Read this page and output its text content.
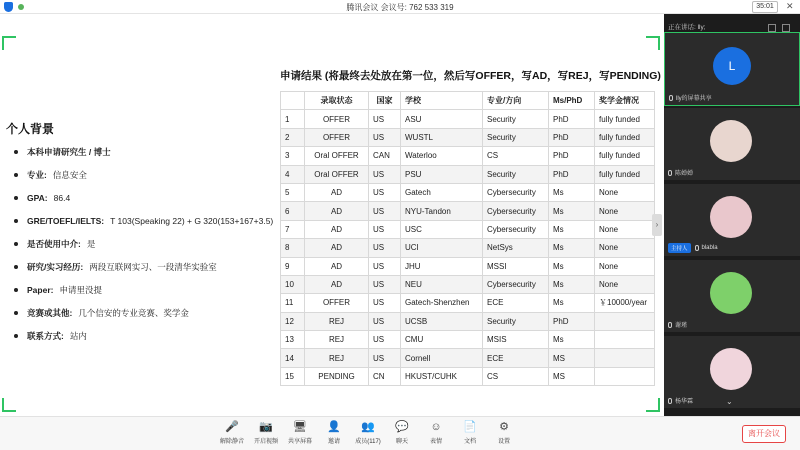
腾讯会议 会议号: 762 533 319	35:01	✕
个人背景
本科申请研究生 / 博士
专业: 信息安全
GPA: 86.4
GRE/TOEFL/IELTS: T 103(Speaking 22) + G 320(153+167+3.5)
是否使用中介: 是
研究/实习经历: 两段互联网实习、一段清华实验室
Paper: 申请里没提
竞赛或其他: 几个信安的专业竞赛、奖学金
联系方式: 站内
申请结果 (将最终去处放在第一位，然后写OFFER，写AD，写REJ，写PENDING)
	录取状态	国家	学校	专业/方向	Ms/PhD	奖学金情况
1	OFFER	US	ASU	Security	PhD	fully funded
2	OFFER	US	WUSTL	Security	PhD	fully funded
3	Oral OFFER	CAN	Waterloo	CS	PhD	fully funded
4	Oral OFFER	US	PSU	Security	PhD	fully funded
5	AD	US	Gatech	Cybersecurity	Ms	None
6	AD	US	NYU-Tandon	Cybersecurity	Ms	None
7	AD	US	USC	Cybersecurity	Ms	None
8	AD	US	UCI	NetSys	Ms	None
9	AD	US	JHU	MSSI	Ms	None
10	AD	US	NEU	Cybersecurity	Ms	None
11	OFFER	US	Gatech-Shenzhen	ECE	Ms	￥10000/year
12	REJ	US	UCSB	Security	PhD	
13	REJ	US	CMU	MSIS	Ms	
14	REJ	US	Cornell	ECE	MS	
15	PENDING	CN	HKUST/CUHK	CS	MS	
›
正在讲话: lly;
L
lly的屏幕共享
陈婵婵
主持人	blabla
谢瑾
杨华霖	⌄
🎤
解除静音
📷
开启视频
🖥
共享屏幕
👤
邀请
👥
成员(117)
💬
聊天
☺
表情
📄
文档
⚙
设置
离开会议
